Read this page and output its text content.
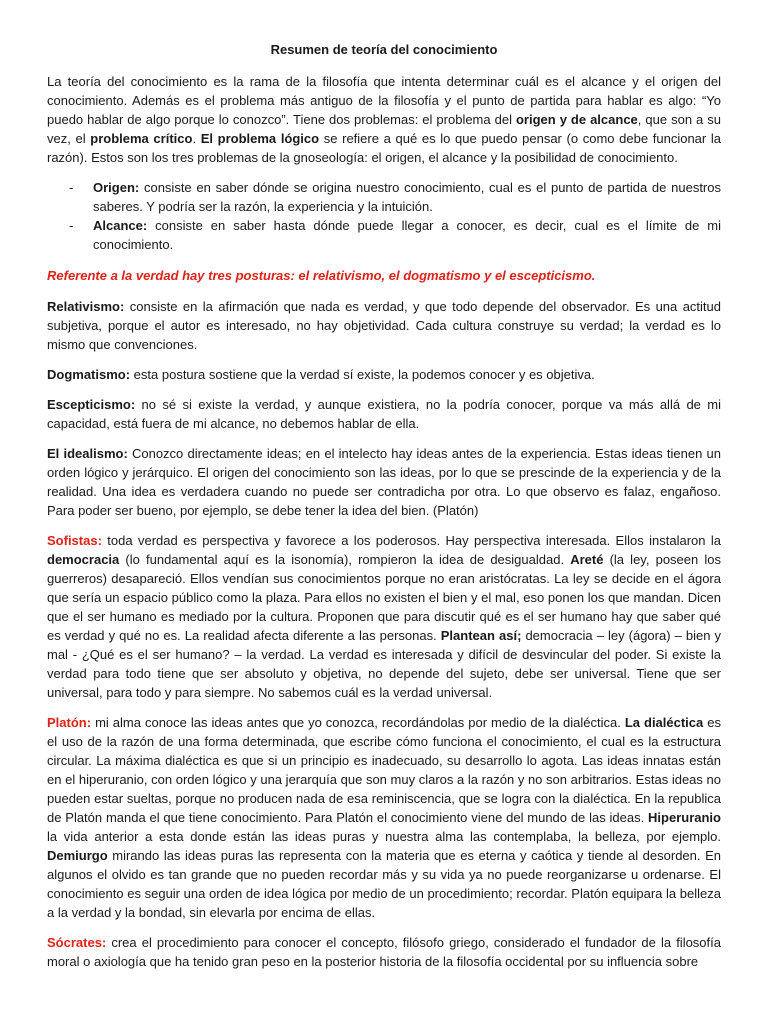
Resumen de teoría del conocimiento

La teoría del conocimiento es la rama de la filosofía que intenta determinar cuál es el alcance y el origen del conocimiento. Además es el problema más antiguo de la filosofía y el punto de partida para hablar es algo: “Yo puedo hablar de algo porque lo conozco”. Tiene dos problemas: el problema del origen y de alcance, que son a su vez, el problema crítico. El problema lógico se refiere a qué es lo que puedo pensar (o como debe funcionar la razón). Estos son los tres problemas de la gnoseología: el origen, el alcance y la posibilidad de conocimiento.

- Origen: consiste en saber dónde se origina nuestro conocimiento, cual es el punto de partida de nuestros saberes. Y podría ser la razón, la experiencia y la intuición.
- Alcance: consiste en saber hasta dónde puede llegar a conocer, es decir, cual es el límite de mi conocimiento.

Referente a la verdad hay tres posturas: el relativismo, el dogmatismo y el escepticismo.

Relativismo: consiste en la afirmación que nada es verdad, y que todo depende del observador. Es una actitud subjetiva, porque el autor es interesado, no hay objetividad. Cada cultura construye su verdad; la verdad es lo mismo que convenciones.

Dogmatismo: esta postura sostiene que la verdad sí existe, la podemos conocer y es objetiva.

Escepticismo: no sé si existe la verdad, y aunque existiera, no la podría conocer, porque va más allá de mi capacidad, está fuera de mi alcance, no debemos hablar de ella.

El idealismo: Conozco directamente ideas; en el intelecto hay ideas antes de la experiencia. Estas ideas tienen un orden lógico y jerárquico. El origen del conocimiento son las ideas, por lo que se prescinde de la experiencia y de la realidad. Una idea es verdadera cuando no puede ser contradicha por otra. Lo que observo es falaz, engañoso. Para poder ser bueno, por ejemplo, se debe tener la idea del bien. (Platón)

Sofistas: toda verdad es perspectiva y favorece a los poderosos. Hay perspectiva interesada. Ellos instalaron la democracia (lo fundamental aquí es la isonomía), rompieron la idea de desigualdad. Areté (la ley, poseen los guerreros) desapareció. Ellos vendían sus conocimientos porque no eran aristócratas. La ley se decide en el ágora que sería un espacio público como la plaza. Para ellos no existen el bien y el mal, eso ponen los que mandan. Dicen que el ser humano es mediado por la cultura. Proponen que para discutir qué es el ser humano hay que saber qué es verdad y qué no es. La realidad afecta diferente a las personas. Plantean así; democracia – ley (ágora) – bien y mal - ¿Qué es el ser humano? – la verdad. La verdad es interesada y difícil de desvincular del poder. Si existe la verdad para todo tiene que ser absoluto y objetiva, no depende del sujeto, debe ser universal. Tiene que ser universal, para todo y para siempre. No sabemos cuál es la verdad universal.

Platón: mi alma conoce las ideas antes que yo conozca, recordándolas por medio de la dialéctica. La dialéctica es el uso de la razón de una forma determinada, que escribe cómo funciona el conocimiento, el cual es la estructura circular. La máxima dialéctica es que si un principio es inadecuado, su desarrollo lo agota. Las ideas innatas están en el hiperuranio, con orden lógico y una jerarquía que son muy claros a la razón y no son arbitrarios. Estas ideas no pueden estar sueltas, porque no producen nada de esa reminiscencia, que se logra con la dialéctica. En la republica de Platón manda el que tiene conocimiento. Para Platón el conocimiento viene del mundo de las ideas. Hiperuranio la vida anterior a esta donde están las ideas puras y nuestra alma las contemplaba, la belleza, por ejemplo. Demiurgo mirando las ideas puras las representa con la materia que es eterna y caótica y tiende al desorden. En algunos el olvido es tan grande que no pueden recordar más y su vida ya no puede reorganizarse u ordenarse. El conocimiento es seguir una orden de idea lógica por medio de un procedimiento; recordar. Platón equipara la belleza a la verdad y la bondad, sin elevarla por encima de ellas.

Sócrates: crea el procedimiento para conocer el concepto, filósofo griego, considerado el fundador de la filosofía moral o axiología que ha tenido gran peso en la posterior historia de la filosofía occidental por su influencia sobre
